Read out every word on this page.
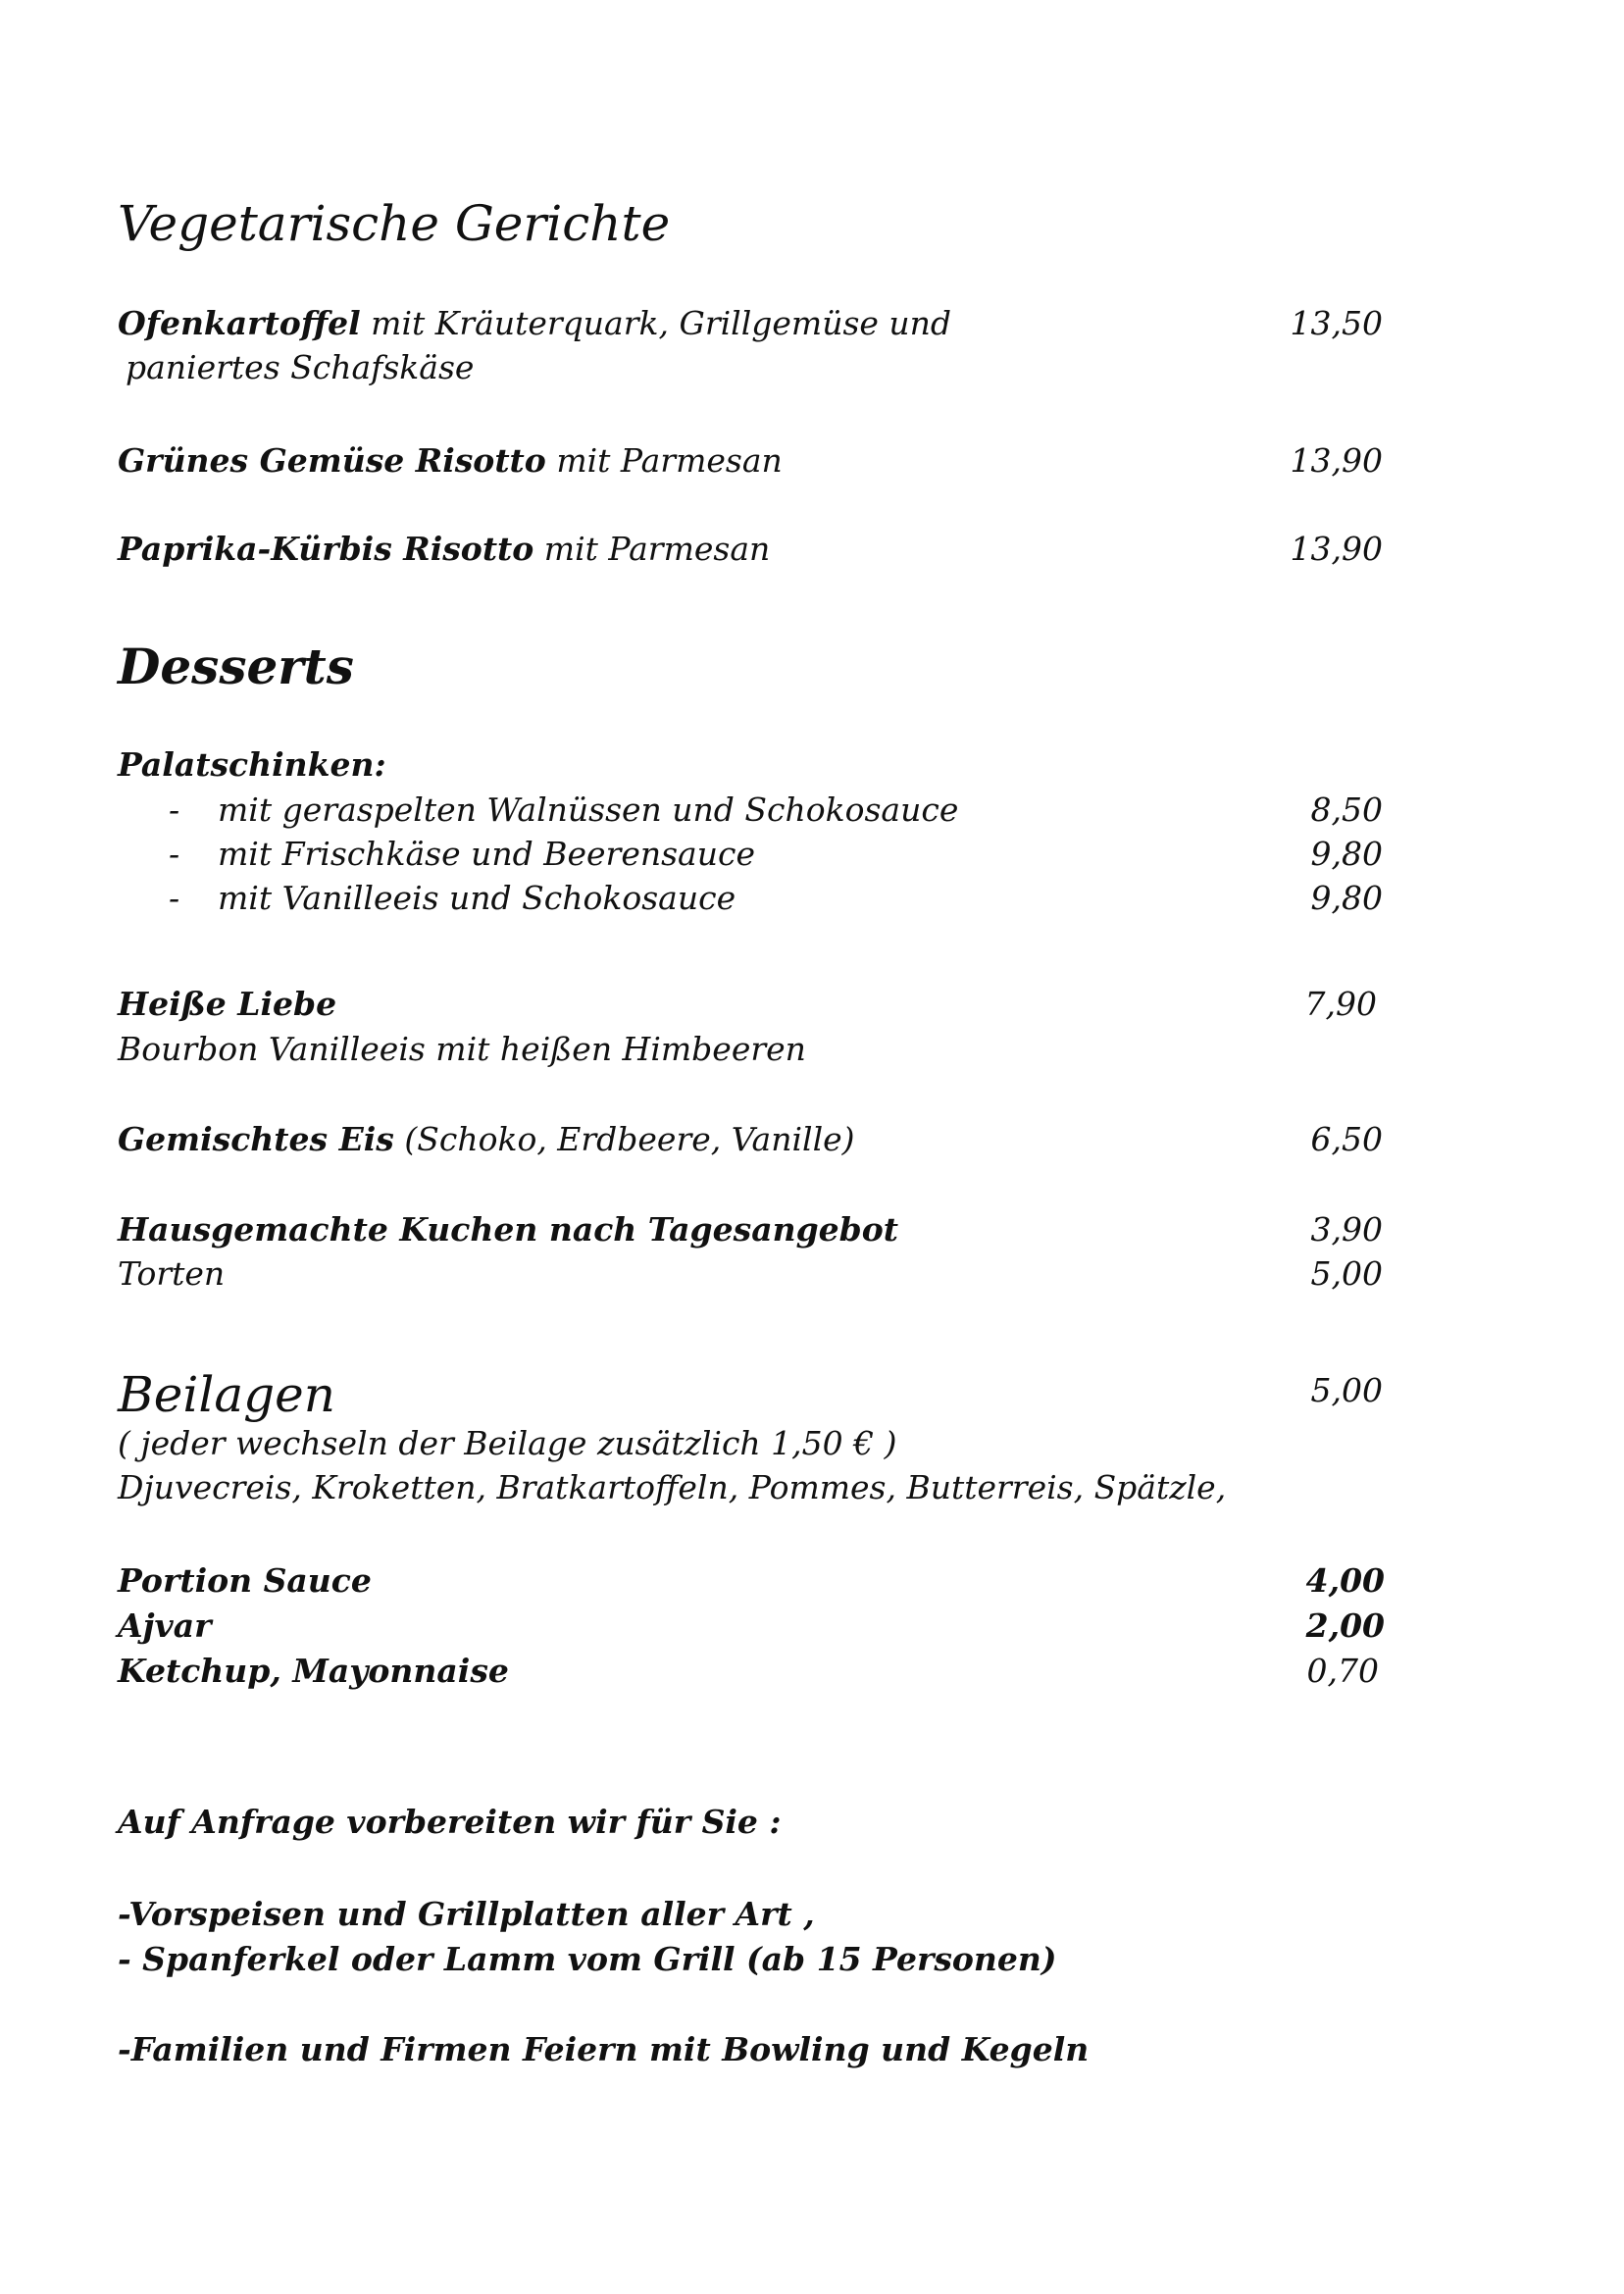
Vegetarische Gerichte
Ofenkartoffel mit Kräuterquark, Grillgemüse und	13,50
paniertes Schafskäse
Grünes Gemüse Risotto mit Parmesan	13,90
Paprika-Kürbis Risotto mit Parmesan	13,90
Desserts
Palatschinken:
- mit geraspelten Walnüssen und Schokosauce	8,50
- mit Frischkäse und Beerensauce	9,80
- mit Vanilleeis und Schokosauce	9,80
Heiße Liebe	7,90
Bourbon Vanilleeis mit heißen Himbeeren
Gemischtes Eis (Schoko, Erdbeere, Vanille)	6,50
Hausgemachte Kuchen nach Tagesangebot	3,90
Torten	5,00
Beilagen	5,00
( jeder wechseln der Beilage zusätzlich 1,50 € )
Djuvecreis, Kroketten, Bratkartoffeln, Pommes, Butterreis, Spätzle,
Portion Sauce	4,00
Ajvar	2,00
Ketchup, Mayonnaise	0,70
Auf Anfrage vorbereiten wir für Sie :
-Vorspeisen und Grillplatten aller Art ,
- Spanferkel oder Lamm vom Grill (ab 15 Personen)
-Familien und Firmen Feiern mit Bowling und Kegeln
